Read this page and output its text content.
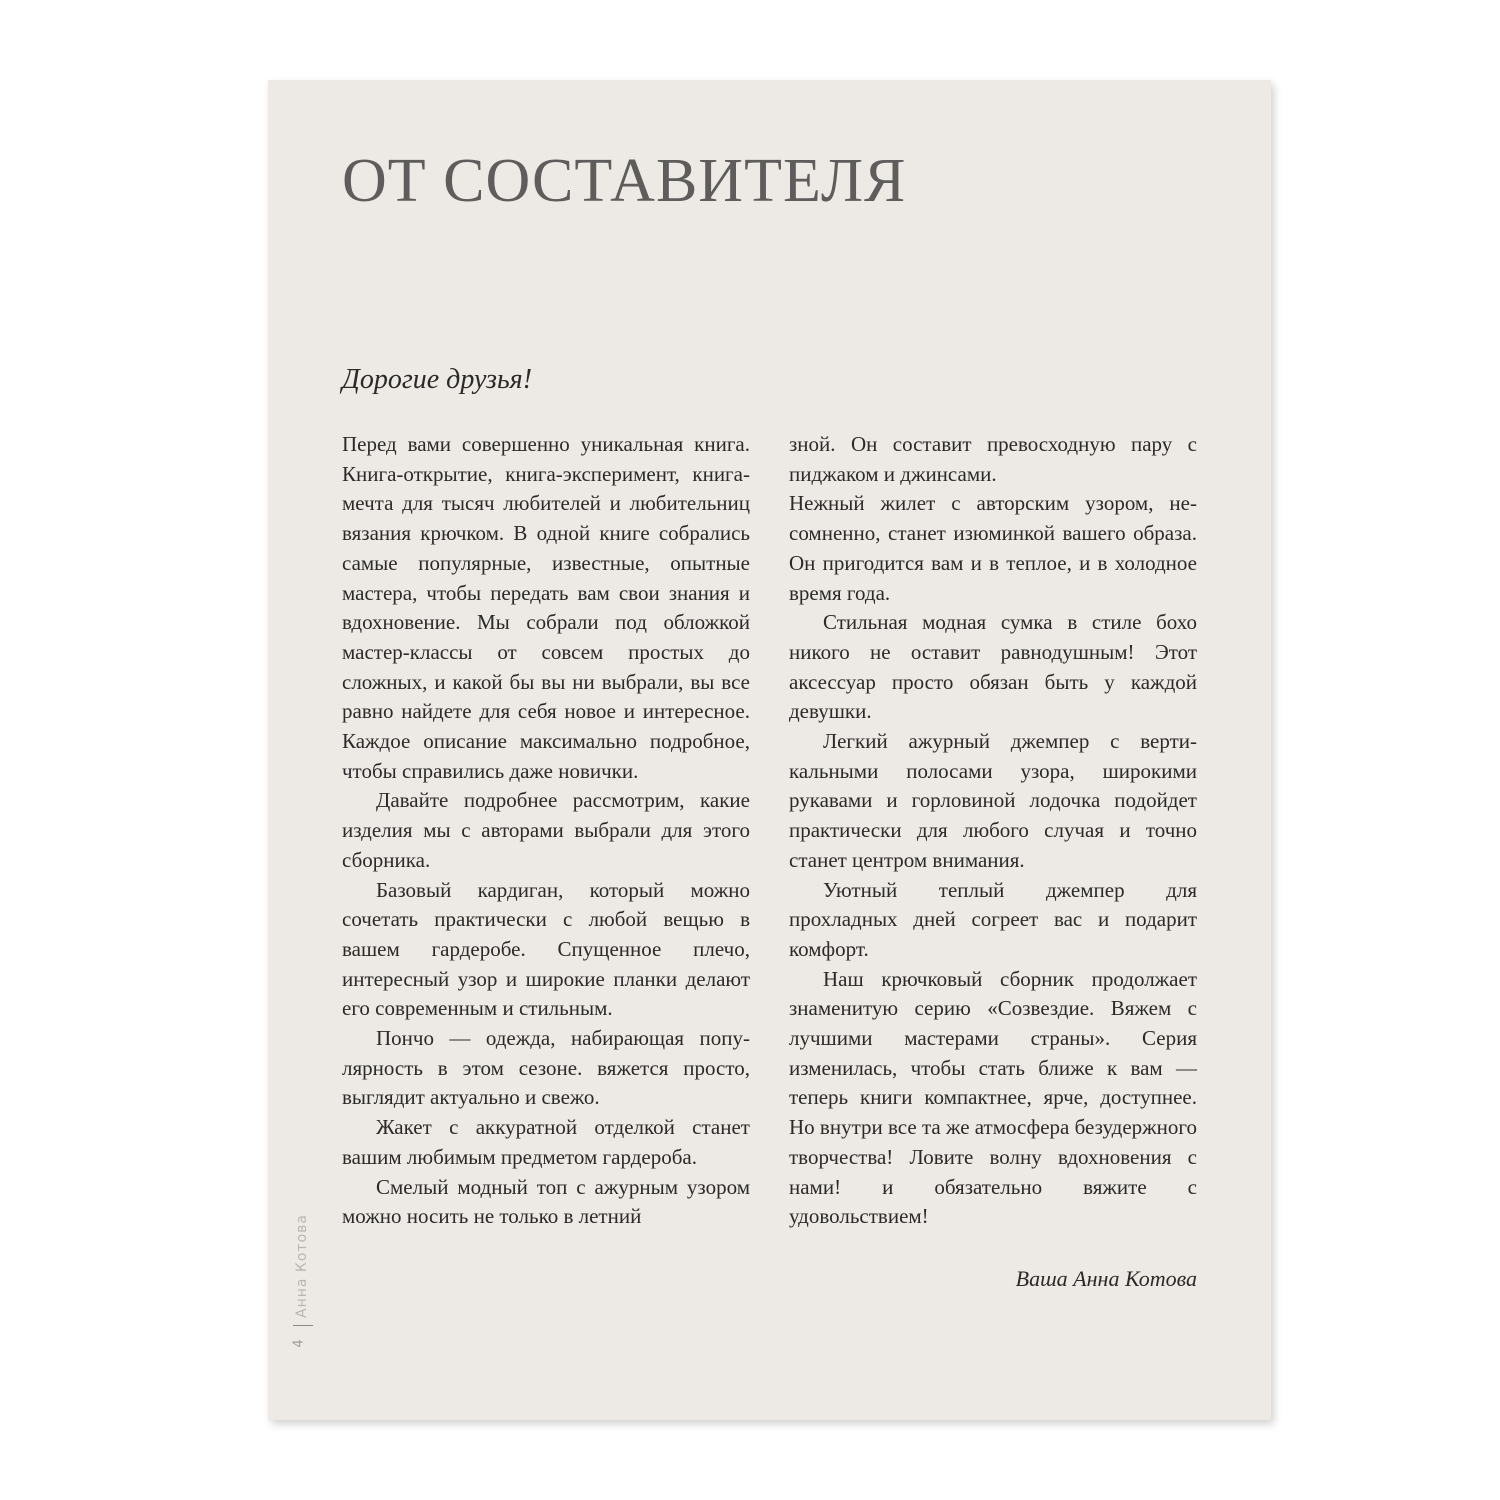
ОТ СОСТАВИТЕЛЯ

Дорогие друзья!

Перед вами совершенно уникальная книга. Книга-открытие, книга-эксперимент, книга-мечта для тысяч любителей и любительниц вязания крючком. В одной книге собрались самые популярные, известные, опытные мастера, чтобы передать вам свои знания и вдохновение. Мы собрали под обложкой мастер-классы от совсем простых до сложных, и какой бы вы ни выбрали, вы все равно найдете для себя новое и интересное. Каждое описание максимально подробное, чтобы справились даже новички.

Давайте подробнее рассмотрим, какие изделия мы с авторами выбрали для этого сборника.

Базовый кардиган, который можно сочетать практически с любой вещью в вашем гардеробе. Спущенное плечо, интересный узор и широкие планки делают его современным и стильным.

Пончо — одежда, набирающая популярность в этом сезоне. вяжется просто, выглядит актуально и свежо.

Жакет с аккуратной отделкой станет вашим любимым предметом гардероба.

Смелый модный топ с ажурным узором можно носить не только в летний

зной. Он составит превосходную пару с пиджаком и джинсами.

Нежный жилет с авторским узором, несомненно, станет изюминкой вашего образа. Он пригодится вам и в теплое, и в холодное время года.

Стильная модная сумка в стиле бохо никого не оставит равнодушным! Этот аксессуар просто обязан быть у каждой девушки.

Легкий ажурный джемпер с вертикальными полосами узора, широкими рукавами и горловиной лодочка подойдет практически для любого случая и точно станет центром внимания.

Уютный теплый джемпер для прохладных дней согреет вас и подарит комфорт.

Наш крючковый сборник продолжает знаменитую серию «Созвездие. Вяжем с лучшими мастерами страны». Серия изменилась, чтобы стать ближе к вам — теперь книги компактнее, ярче, доступнее. Но внутри все та же атмосфера безудержного творчества! Ловите волну вдохновения с нами! и обязательно вяжите с удовольствием!

Ваша Анна Котова

Анна Котова
4
